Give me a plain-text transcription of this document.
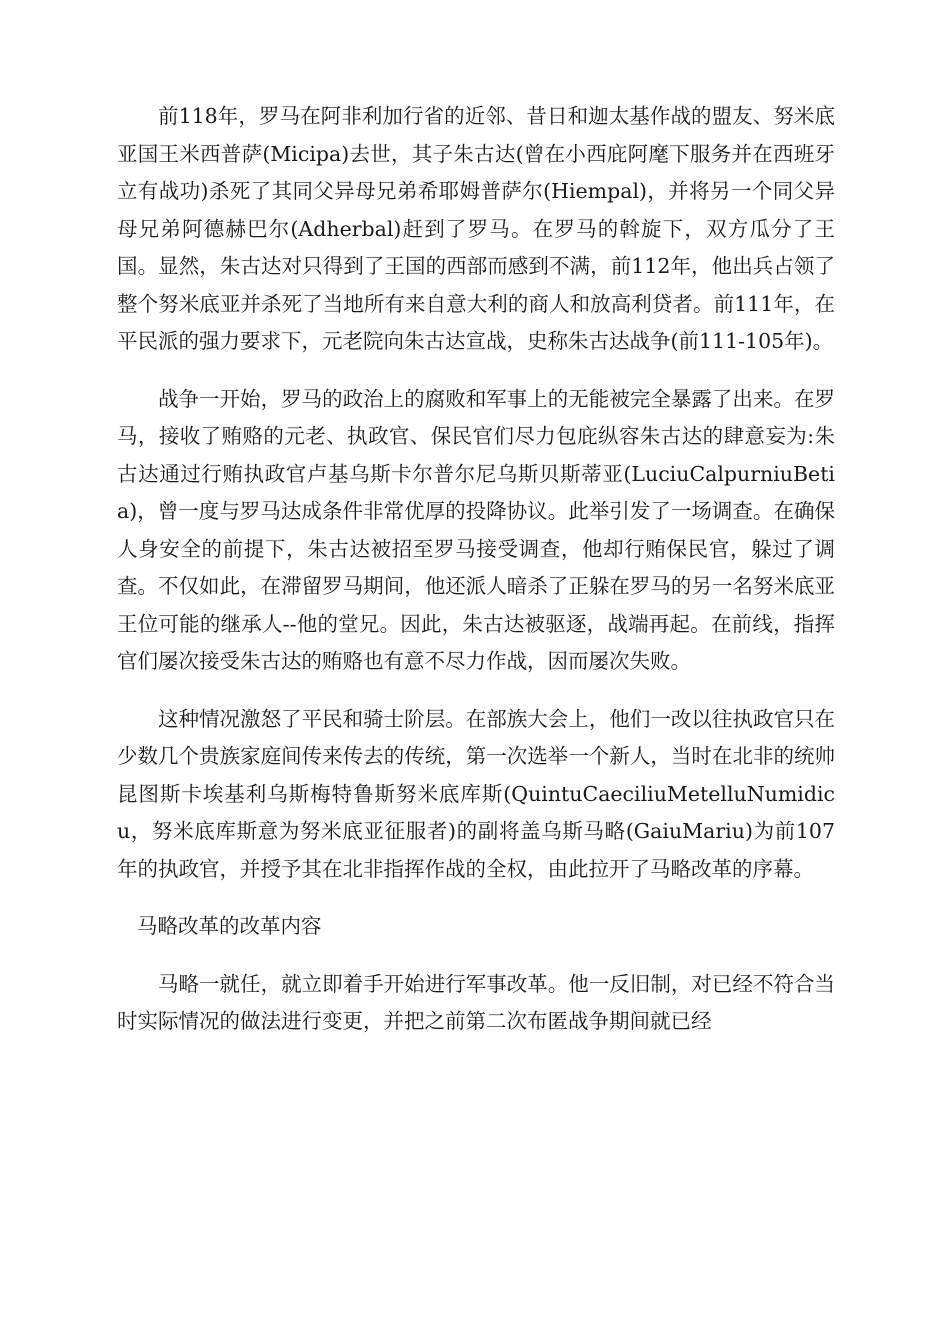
前118年，罗马在阿非利加行省的近邻、昔日和迦太基作战的盟友、努米底亚国王米西普萨(Micipa)去世，其子朱古达(曾在小西庇阿麾下服务并在西班牙立有战功)杀死了其同父异母兄弟希耶姆普萨尔(Hiempal)，并将另一个同父异母兄弟阿德赫巴尔(Adherbal)赶到了罗马。在罗马的斡旋下，双方瓜分了王国。显然，朱古达对只得到了王国的西部而感到不满，前112年，他出兵占领了整个努米底亚并杀死了当地所有来自意大利的商人和放高利贷者。前111年，在平民派的强力要求下，元老院向朱古达宣战，史称朱古达战争(前111-105年)。

战争一开始，罗马的政治上的腐败和军事上的无能被完全暴露了出来。在罗马，接收了贿赂的元老、执政官、保民官们尽力包庇纵容朱古达的肆意妄为:朱古达通过行贿执政官卢基乌斯卡尔普尔尼乌斯贝斯蒂亚(LuciuCalpurniuBetia)，曾一度与罗马达成条件非常优厚的投降协议。此举引发了一场调查。在确保人身安全的前提下，朱古达被招至罗马接受调查，他却行贿保民官，躲过了调查。不仅如此，在滞留罗马期间，他还派人暗杀了正躲在罗马的另一名努米底亚王位可能的继承人--他的堂兄。因此，朱古达被驱逐，战端再起。在前线，指挥官们屡次接受朱古达的贿赂也有意不尽力作战，因而屡次失败。

这种情况激怒了平民和骑士阶层。在部族大会上，他们一改以往执政官只在少数几个贵族家庭间传来传去的传统，第一次选举一个新人，当时在北非的统帅昆图斯卡埃基利乌斯梅特鲁斯努米底库斯(QuintuCaeciliuMetelluNumidicu，努米底库斯意为努米底亚征服者)的副将盖乌斯马略(GaiuMariu)为前107年的执政官，并授予其在北非指挥作战的全权，由此拉开了马略改革的序幕。

马略改革的改革内容

马略一就任，就立即着手开始进行军事改革。他一反旧制，对已经不符合当时实际情况的做法进行变更，并把之前第二次布匿战争期间就已经
